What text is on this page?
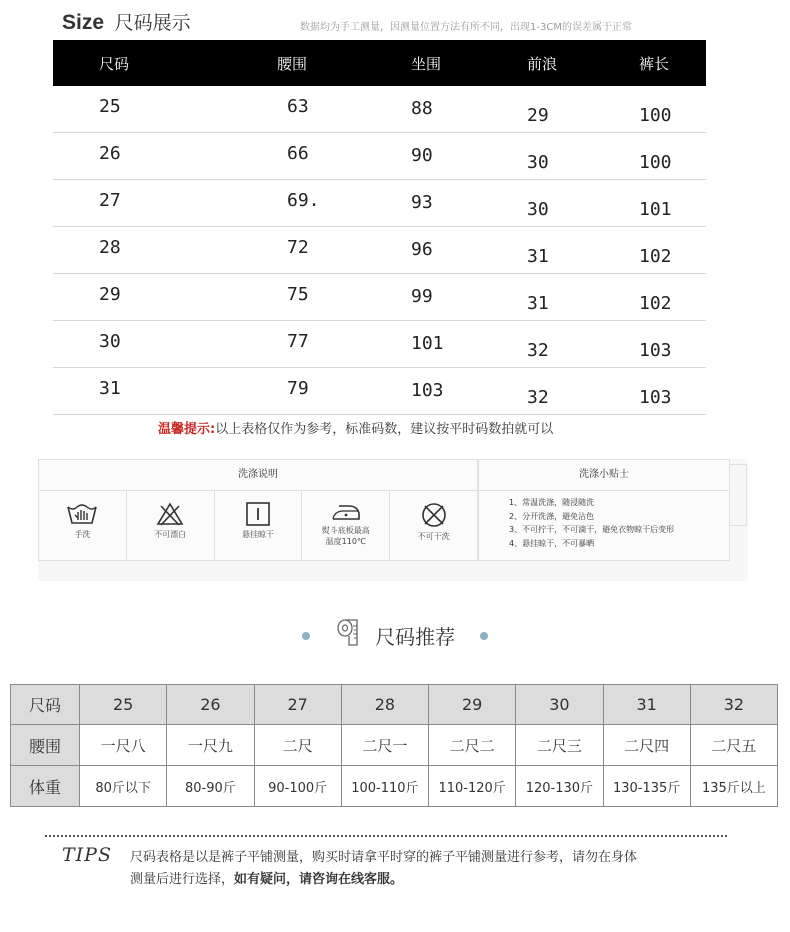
Size 尺码展示	数据均为手工测量，因测量位置方法有所不同，出现1-3CM的误差属于正常
尺码	腰围	坐围	前浪	裤长
25	63	88	29	100
26	66	90	30	100
27	69.	93	30	101
28	72	96	31	102
29	75	99	31	102
30	77	101	32	103
31	79	103	32	103
温馨提示:以上表格仅作为参考，标准码数，建议按平时码数拍就可以
洗涤说明
手洗	不可漂白	悬挂晾干	熨斗底板最高
温度110℃
不可干洗
洗涤小贴士
1、常温洗涤，随浸随洗
2、分开洗涤，避免沾色
3、不可拧干，不可滴干，避免衣物晾干后变形
4、悬挂晾干，不可暴晒
尺码推荐
尺码	25	26	27	28	29	30	31	32
腰围	一尺八	一尺九	二尺	二尺一	二尺二	二尺三	二尺四	二尺五
体重	80斤以下	80-90斤	90-100斤	100-110斤	110-120斤	120-130斤	130-135斤	135斤以上
TIPS 尺码表格是以是裤子平铺测量，购买时请拿平时穿的裤子平铺测量进行参考，请勿在身体
测量后进行选择，如有疑问，请咨询在线客服。
